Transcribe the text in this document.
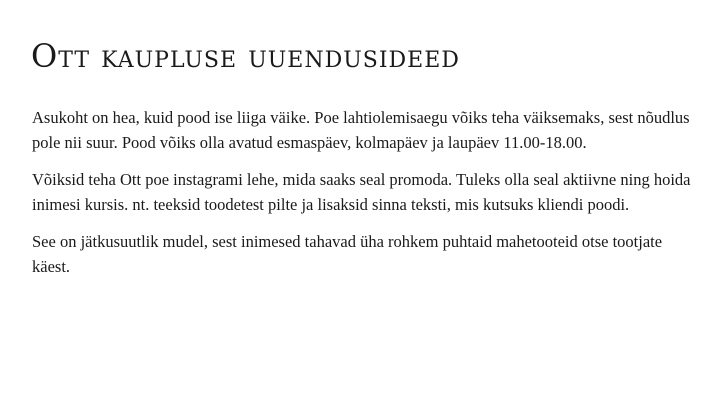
Ott kaupluse uuendusideed

Asukoht on hea, kuid pood ise liiga väike. Poe lahtiolemisaegu võiks teha väiksemaks, sest nõudlus pole nii suur. Pood võiks olla avatud esmaspäev, kolmapäev ja laupäev 11.00-18.00.

Võiksid teha Ott poe instagrami lehe, mida saaks seal promoda. Tuleks olla seal aktiivne ning hoida inimesi kursis. nt. teeksid toodetest pilte ja lisaksid sinna teksti, mis kutsuks kliendi poodi.

See on jätkusuutlik mudel, sest inimesed tahavad üha rohkem puhtaid mahetooteid otse tootjate käest.
